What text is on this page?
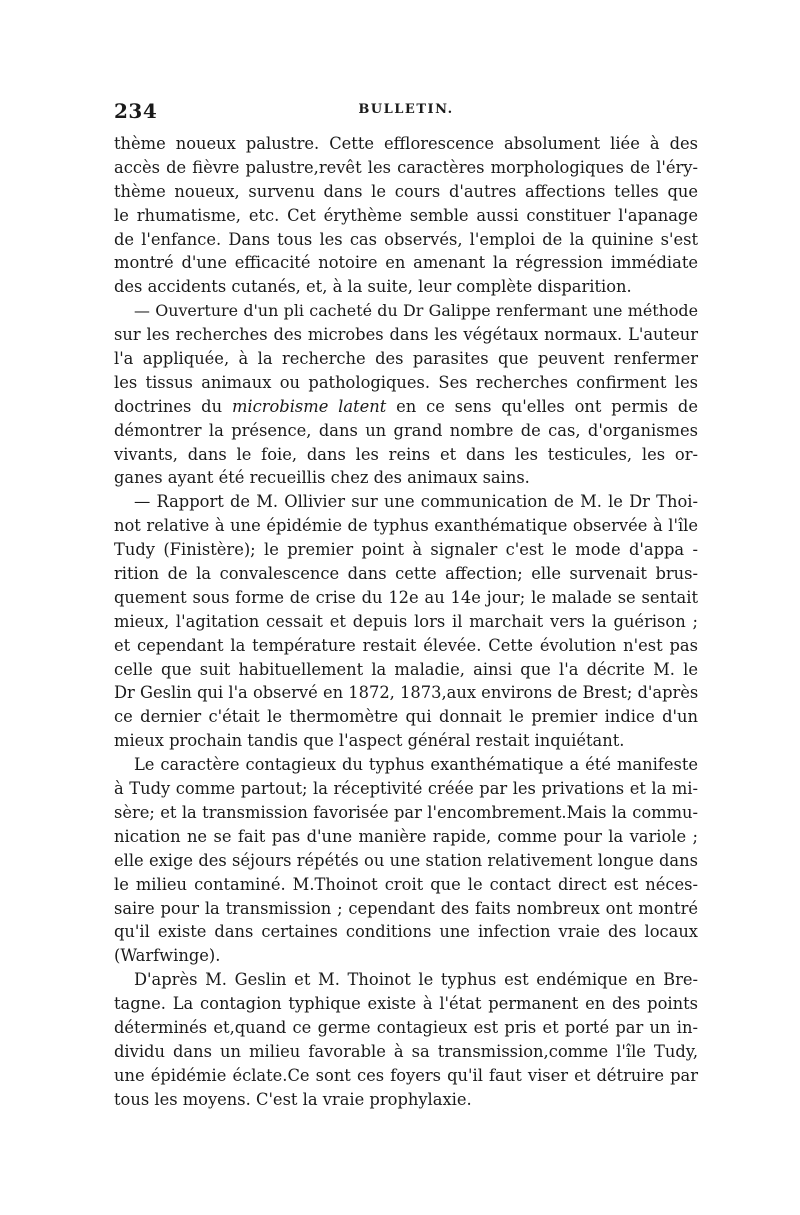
234	BULLETIN.
thème noueux palustre. Cette efflorescence absolument liée à des
accès de fièvre palustre,revêt les caractères morphologiques de l'éry-
thème noueux, survenu dans le cours d'autres affections telles que
le rhumatisme, etc. Cet érythème semble aussi constituer l'apanage
de l'enfance. Dans tous les cas observés, l'emploi de la quinine s'est
montré d'une efficacité notoire en amenant la régression immédiate
des accidents cutanés, et, à la suite, leur complète disparition.
— Ouverture d'un pli cacheté du Dr Galippe renfermant une méthode
sur les recherches des microbes dans les végétaux normaux. L'auteur
l'a appliquée, à la recherche des parasites que peuvent renfermer
les tissus animaux ou pathologiques. Ses recherches confirment les
doctrines du microbisme latent en ce sens qu'elles ont permis de
démontrer la présence, dans un grand nombre de cas, d'organismes
vivants, dans le foie, dans les reins et dans les testicules, les or-
ganes ayant été recueillis chez des animaux sains.
— Rapport de M. Ollivier sur une communication de M. le Dr Thoi-
not relative à une épidémie de typhus exanthématique observée à l'île
Tudy (Finistère); le premier point à signaler c'est le mode d'appa -
rition de la convalescence dans cette affection; elle survenait brus-
quement sous forme de crise du 12e au 14e jour; le malade se sentait
mieux, l'agitation cessait et depuis lors il marchait vers la guérison ;
et cependant la température restait élevée. Cette évolution n'est pas
celle que suit habituellement la maladie, ainsi que l'a décrite M. le
Dr Geslin qui l'a observé en 1872, 1873,aux environs de Brest; d'après
ce dernier c'était le thermomètre qui donnait le premier indice d'un
mieux prochain tandis que l'aspect général restait inquiétant.
Le caractère contagieux du typhus exanthématique a été manifeste
à Tudy comme partout; la réceptivité créée par les privations et la mi-
sère; et la transmission favorisée par l'encombrement.Mais la commu-
nication ne se fait pas d'une manière rapide, comme pour la variole ;
elle exige des séjours répétés ou une station relativement longue dans
le milieu contaminé. M.Thoinot croit que le contact direct est néces-
saire pour la transmission ; cependant des faits nombreux ont montré
qu'il existe dans certaines conditions une infection vraie des locaux
(Warfwinge).
D'après M. Geslin et M. Thoinot le typhus est endémique en Bre-
tagne. La contagion typhique existe à l'état permanent en des points
déterminés et,quand ce germe contagieux est pris et porté par un in-
dividu dans un milieu favorable à sa transmission,comme l'île Tudy,
une épidémie éclate.Ce sont ces foyers qu'il faut viser et détruire par
tous les moyens. C'est la vraie prophylaxie.
